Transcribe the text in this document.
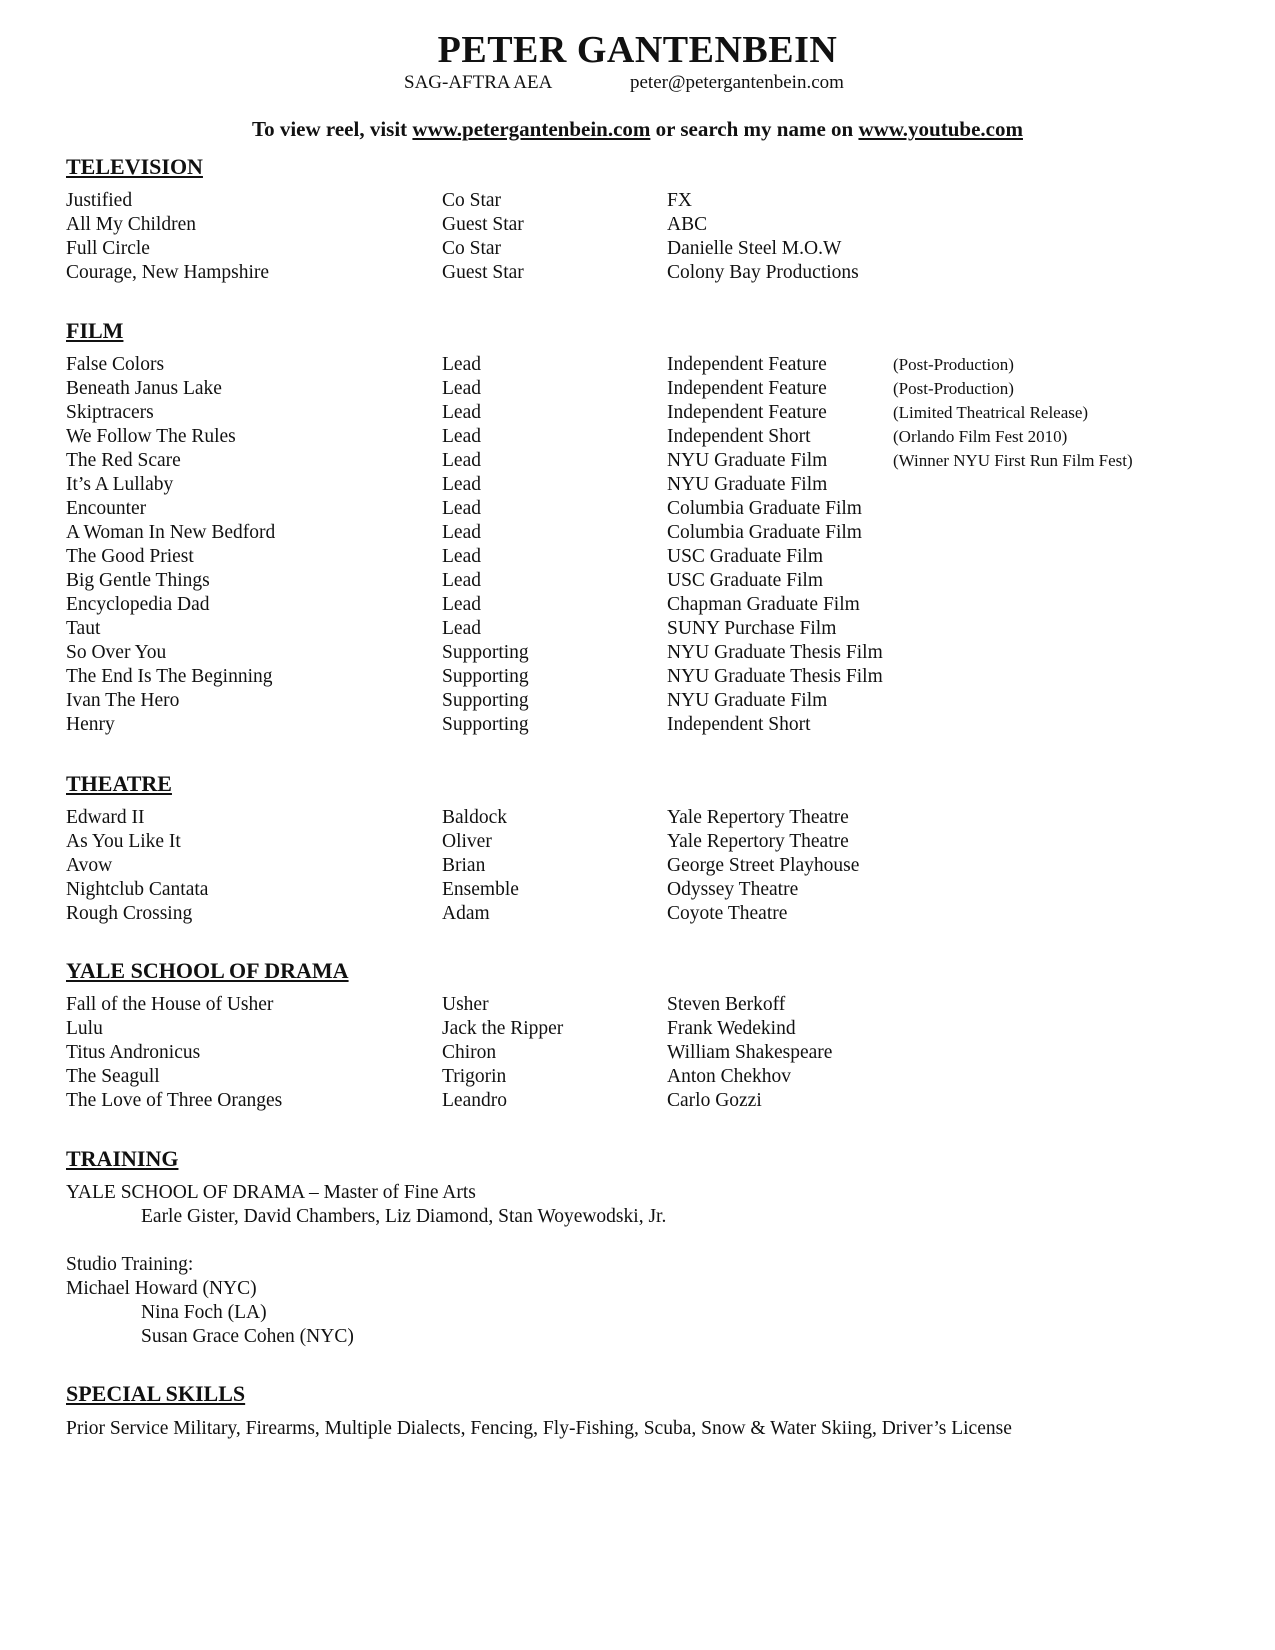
PETER GANTENBEIN
SAG-AFTRA AEA	peter@petergantenbein.com
To view reel, visit www.petergantenbein.com or search my name on www.youtube.com
TELEVISION
Justified	Co Star	FX
All My Children	Guest Star	ABC
Full Circle	Co Star	Danielle Steel M.O.W
Courage, New Hampshire	Guest Star	Colony Bay Productions
FILM
False Colors	Lead	Independent Feature	(Post-Production)
Beneath Janus Lake	Lead	Independent Feature	(Post-Production)
Skiptracers	Lead	Independent Feature	(Limited Theatrical Release)
We Follow The Rules	Lead	Independent Short	(Orlando Film Fest 2010)
The Red Scare	Lead	NYU Graduate Film	(Winner NYU First Run Film Fest)
It’s A Lullaby	Lead	NYU Graduate Film
Encounter	Lead	Columbia Graduate Film
A Woman In New Bedford	Lead	Columbia Graduate Film
The Good Priest	Lead	USC Graduate Film
Big Gentle Things	Lead	USC Graduate Film
Encyclopedia Dad	Lead	Chapman Graduate Film
Taut	Lead	SUNY Purchase Film
So Over You	Supporting	NYU Graduate Thesis Film
The End Is The Beginning	Supporting	NYU Graduate Thesis Film
Ivan The Hero	Supporting	NYU Graduate Film
Henry	Supporting	Independent Short
THEATRE
Edward II	Baldock	Yale Repertory Theatre
As You Like It	Oliver	Yale Repertory Theatre
Avow	Brian	George Street Playhouse
Nightclub Cantata	Ensemble	Odyssey Theatre
Rough Crossing	Adam	Coyote Theatre
YALE SCHOOL OF DRAMA
Fall of the House of Usher	Usher	Steven Berkoff
Lulu	Jack the Ripper	Frank Wedekind
Titus Andronicus	Chiron	William Shakespeare
The Seagull	Trigorin	Anton Chekhov
The Love of Three Oranges	Leandro	Carlo Gozzi
TRAINING
YALE SCHOOL OF DRAMA – Master of Fine Arts
Earle Gister, David Chambers, Liz Diamond, Stan Woyewodski, Jr.
Studio Training:
Michael Howard (NYC)
Nina Foch (LA)
Susan Grace Cohen (NYC)
SPECIAL SKILLS
Prior Service Military, Firearms, Multiple Dialects, Fencing, Fly-Fishing, Scuba, Snow & Water Skiing, Driver’s License
